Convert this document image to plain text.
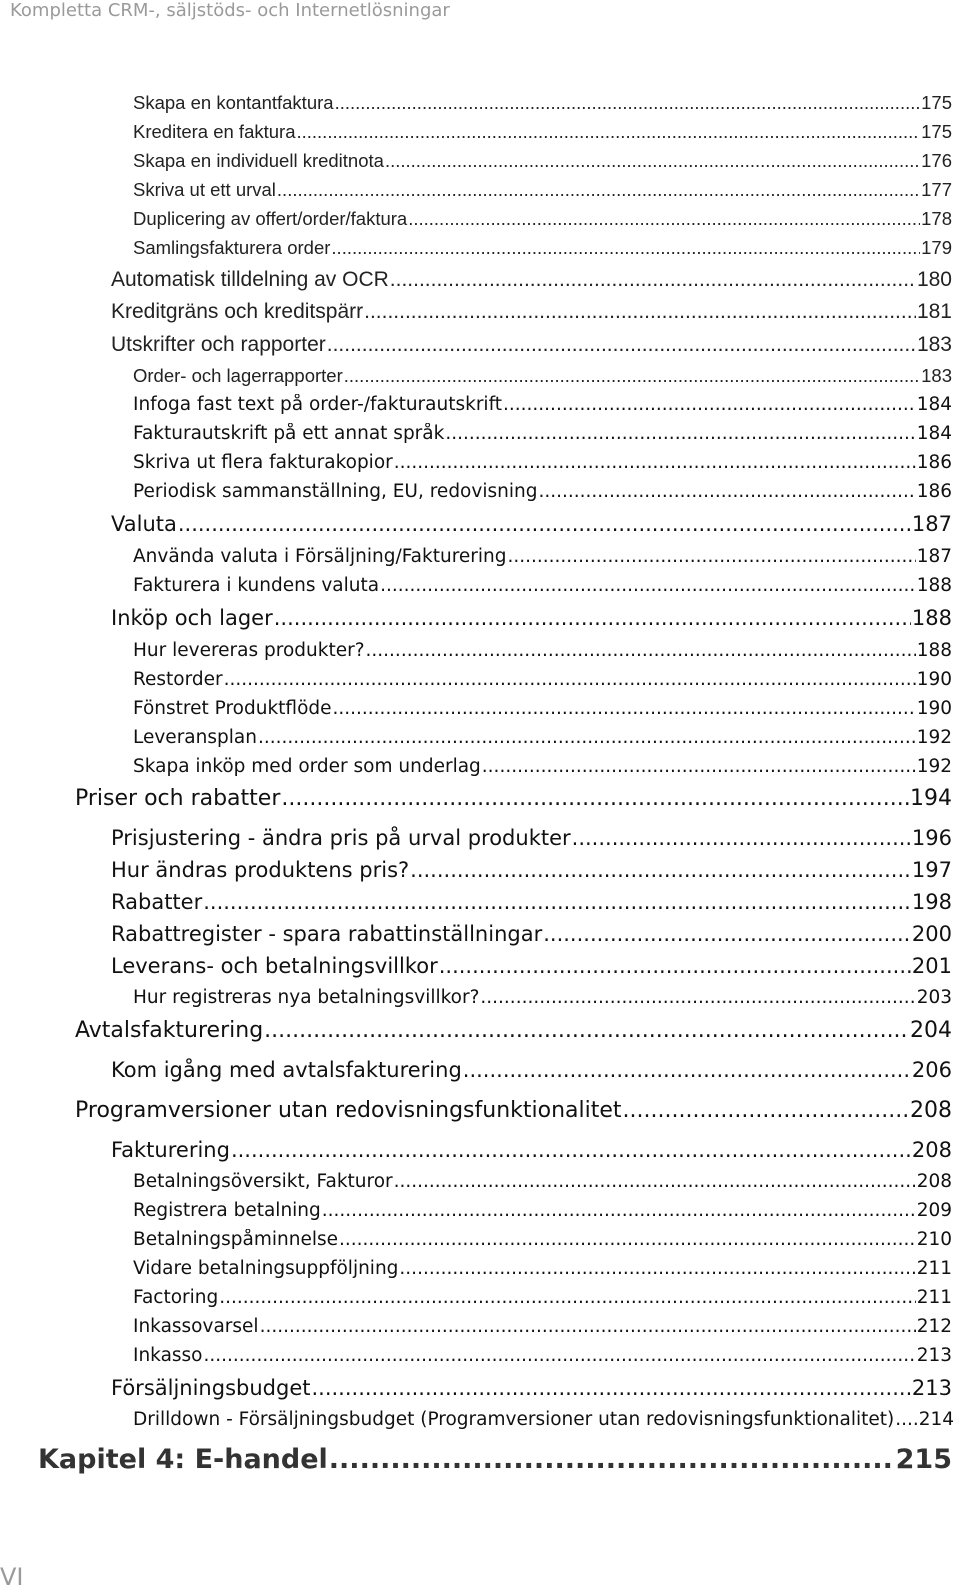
Kompletta CRM-, säljstöds- och Internetlösningar
Skapa en kontantfaktura .....	175
Kreditera en faktura .....	175
Skapa en individuell kreditnota .....	176
Skriva ut ett urval .....	177
Duplicering av offert/order/faktura .....	178
Samlingsfakturera order .....	179
Automatisk tilldelning av OCR .....	180
Kreditgräns och kreditspärr .....	181
Utskrifter och rapporter .....	183
Order- och lagerrapporter .....	183
Infoga fast text på order-/fakturautskrift .....	184
Fakturautskrift på ett annat språk .....	184
Skriva ut flera fakturakopior .....	186
Periodisk sammanställning, EU, redovisning .....	186
Valuta .....	187
Använda valuta i Försäljning/Fakturering .....	187
Fakturera i kundens valuta .....	188
Inköp och lager .....	188
Hur levereras produkter? .....	188
Restorder .....	190
Fönstret Produktflöde .....	190
Leveransplan .....	192
Skapa inköp med order som underlag .....	192
Priser och rabatter .....	194
Prisjustering - ändra pris på urval produkter .....	196
Hur ändras produktens pris? .....	197
Rabatter .....	198
Rabattregister - spara rabattinställningar .....	200
Leverans- och betalningsvillkor .....	201
Hur registreras nya betalningsvillkor? .....	203
Avtalsfakturering .....	204
Kom igång med avtalsfakturering .....	206
Programversioner utan redovisningsfunktionalitet .....	208
Fakturering .....	208
Betalningsöversikt, Fakturor .....	208
Registrera betalning .....	209
Betalningspåminnelse .....	210
Vidare betalningsuppföljning .....	211
Factoring .....	211
Inkassovarsel .....	212
Inkasso .....	213
Försäljningsbudget .....	213
Drilldown - Försäljningsbudget (Programversioner utan redovisningsfunktionalitet) ..... 214
Kapitel 4: E-handel .....	215
VI
